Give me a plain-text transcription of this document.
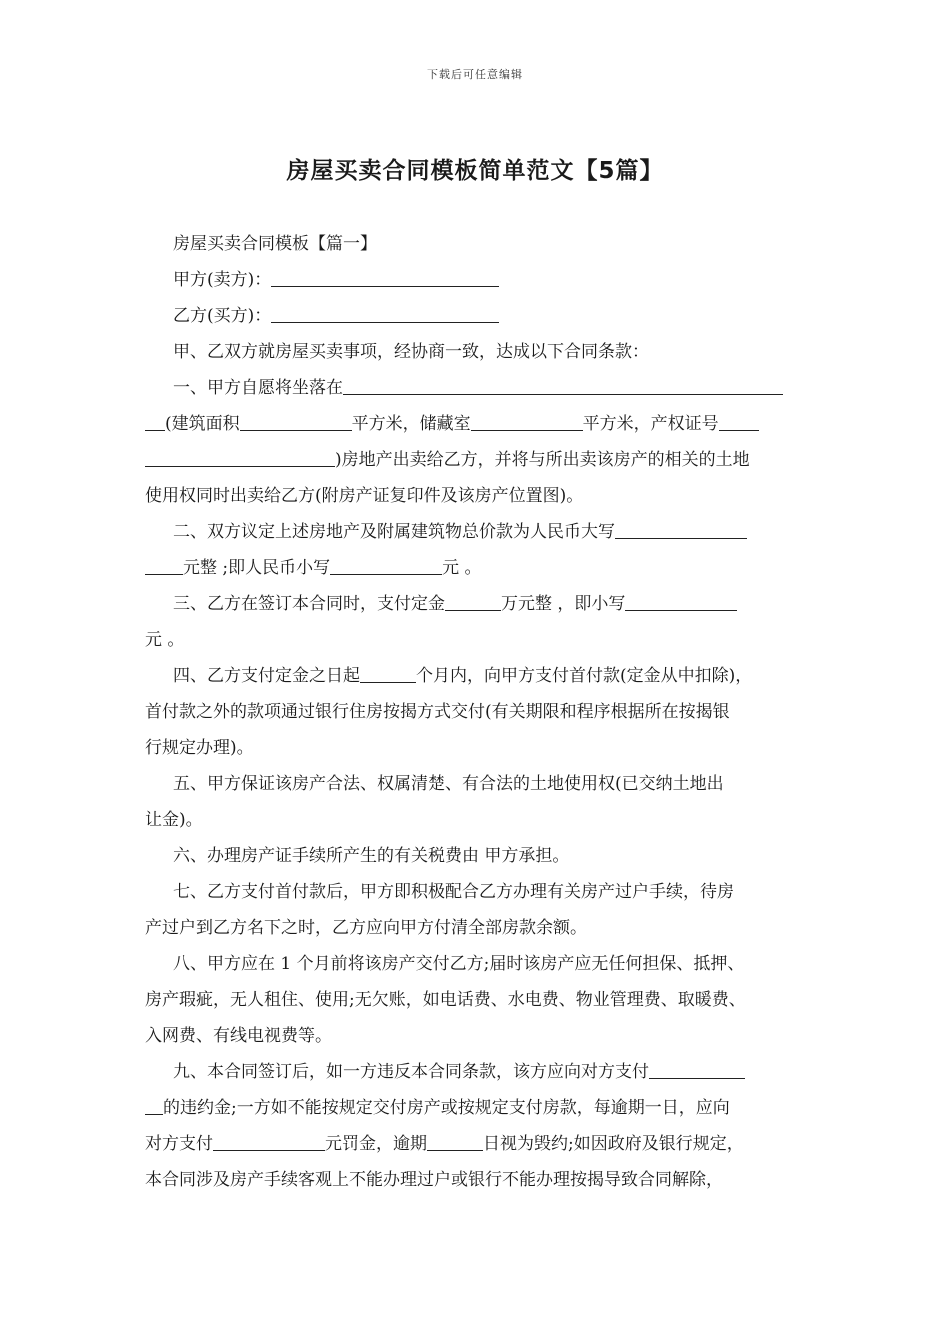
下载后可任意编辑
房屋买卖合同模板简单范文【5篇】

房屋买卖合同模板【篇一】

甲方(卖方)：

乙方(买方)：

甲、乙双方就房屋买卖事项，经协商一致，达成以下合同条款：

一、甲方自愿将坐落在

(建筑面积	平方米，储藏室	平方米，产权证号

)房地产出卖给乙方，并将与所出卖该房产的相关的土地

使用权同时出卖给乙方(附房产证复印件及该房产位置图)。

二、双方议定上述房地产及附属建筑物总价款为人民币大写

元整 ;即人民币小写	元 。

三、乙方在签订本合同时，支付定金	万元整 ，即小写

元 。

四、乙方支付定金之日起	个月内，向甲方支付首付款(定金从中扣除)，

首付款之外的款项通过银行住房按揭方式交付(有关期限和程序根据所在按揭银

行规定办理)。

五、甲方保证该房产合法、权属清楚、有合法的土地使用权(已交纳土地出

让金)。

六、办理房产证手续所产生的有关税费由 甲方承担。

七、乙方支付首付款后，甲方即积极配合乙方办理有关房产过户手续，待房

产过户到乙方名下之时，乙方应向甲方付清全部房款余额。

八、甲方应在 1 个月前将该房产交付乙方;届时该房产应无任何担保、抵押、

房产瑕疵，无人租住、使用;无欠账，如电话费、水电费、物业管理费、取暖费、

入网费、有线电视费等。

九、本合同签订后，如一方违反本合同条款，该方应向对方支付

的违约金;一方如不能按规定交付房产或按规定支付房款，每逾期一日，应向

对方支付	元罚金，逾期	日视为毁约;如因政府及银行规定，

本合同涉及房产手续客观上不能办理过户或银行不能办理按揭导致合同解除，
